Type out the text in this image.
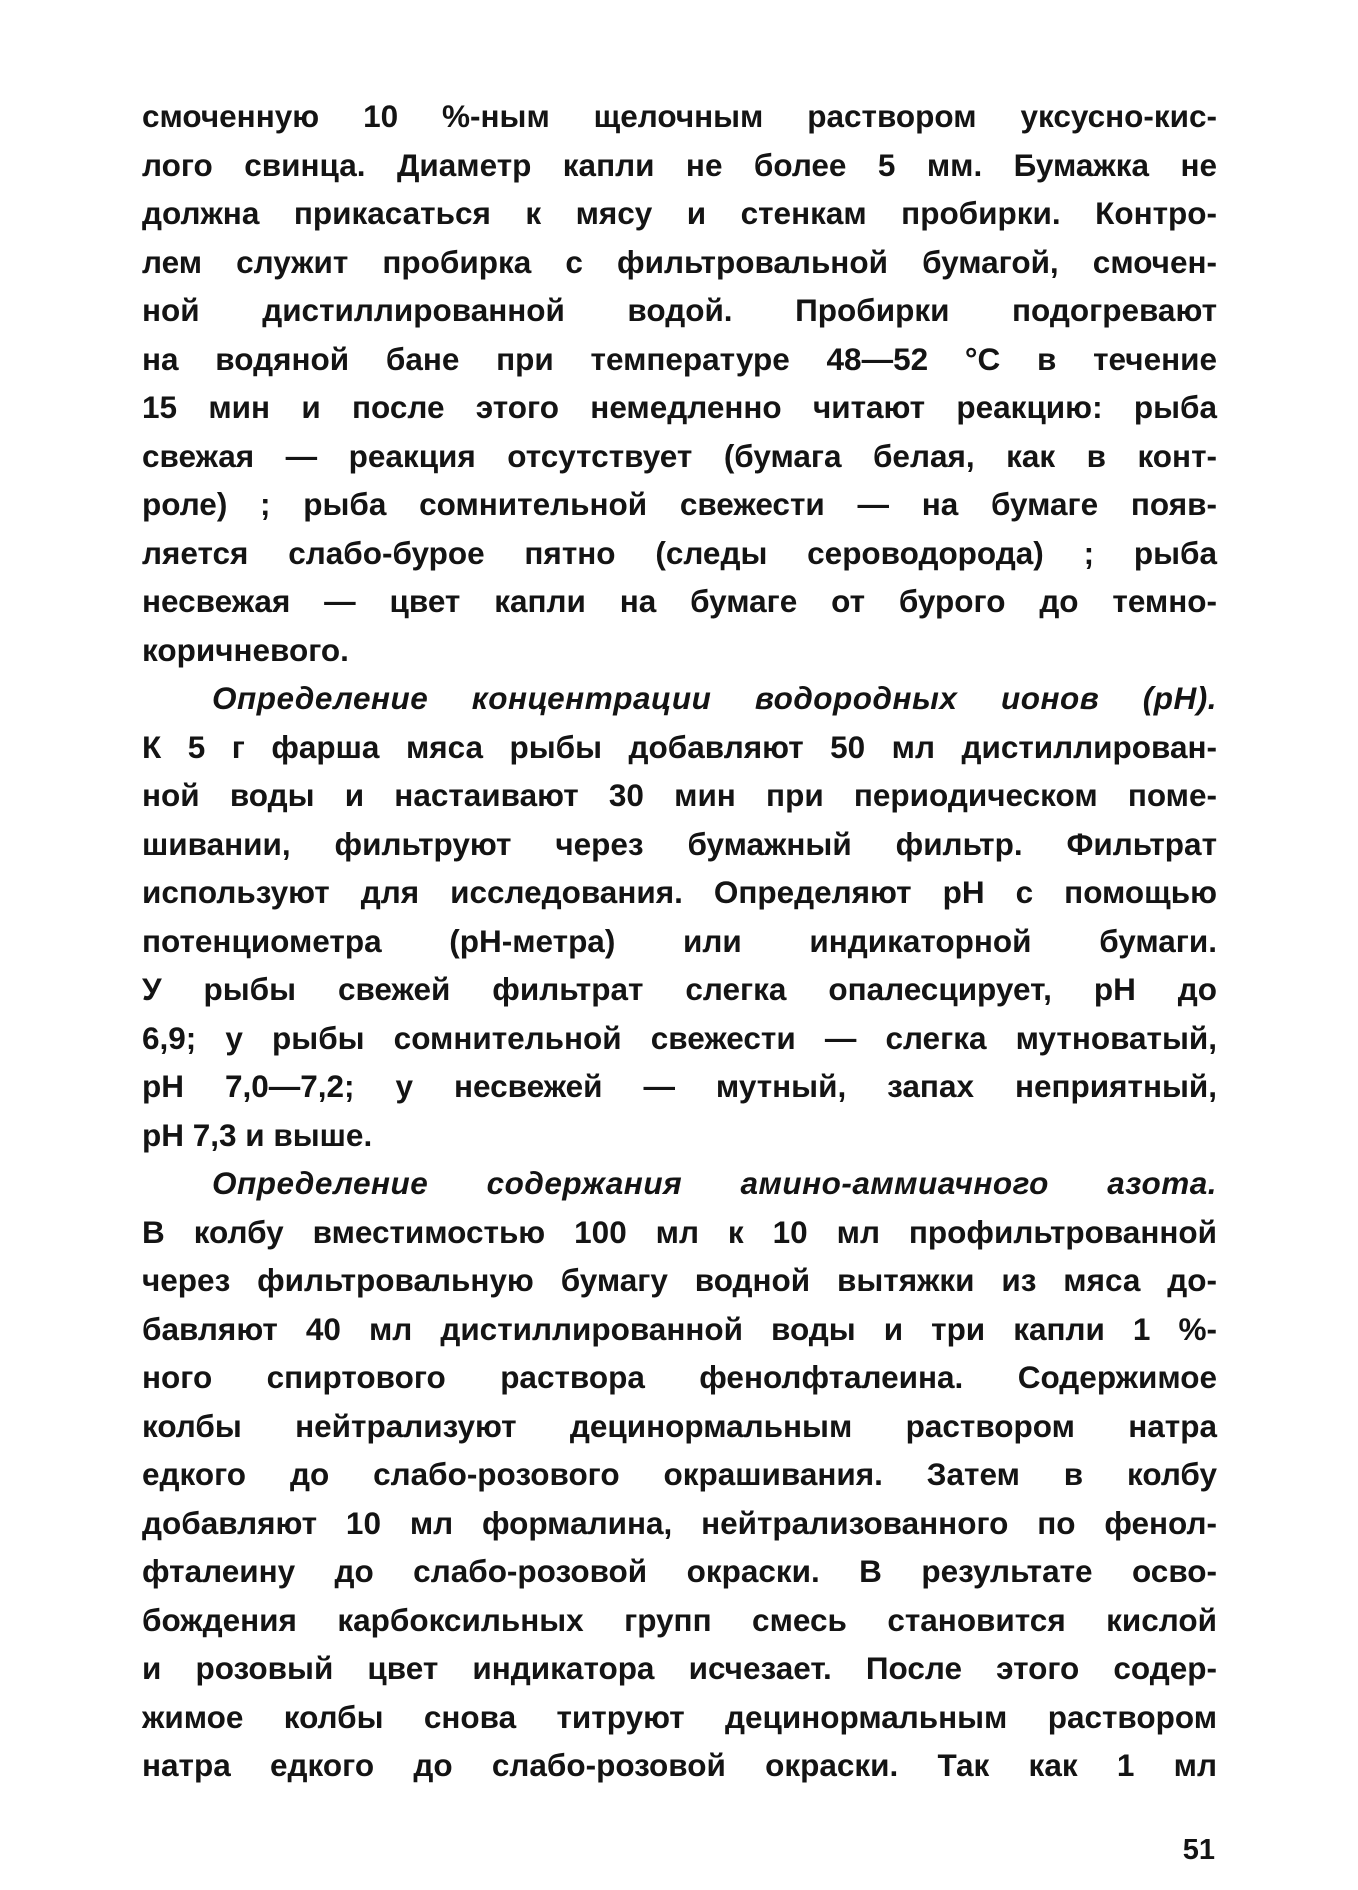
смоченную 10 %-ным щелочным раствором уксусно-кис-
лого свинца. Диаметр капли не более 5 мм. Бумажка не
должна прикасаться к мясу и стенкам пробирки. Контро-
лем служит пробирка с фильтровальной бумагой, смочен-
ной дистиллированной водой. Пробирки подогревают
на водяной бане при температуре 48—52 °С в течение
15 мин и после этого немедленно читают реакцию: рыба
свежая — реакция отсутствует (бумага белая, как в конт-
роле) ; рыба сомнительной свежести — на бумаге появ-
ляется слабо-бурое пятно (следы сероводорода) ; рыба
несвежая — цвет капли на бумаге от бурого до темно-
коричневого.
Определение концентрации водородных ионов (рН).
К 5 г фарша мяса рыбы добавляют 50 мл дистиллирован-
ной воды и настаивают 30 мин при периодическом поме-
шивании, фильтруют через бумажный фильтр. Фильтрат
используют для исследования. Определяют рН с помощью
потенциометра (рН-метра) или индикаторной бумаги.
У рыбы свежей фильтрат слегка опалесцирует, рН до
6,9; у рыбы сомнительной свежести — слегка мутноватый,
рН 7,0—7,2; у несвежей — мутный, запах неприятный,
рН 7,3 и выше.
Определение содержания амино-аммиачного азота.
В колбу вместимостью 100 мл к 10 мл профильтрованной
через фильтровальную бумагу водной вытяжки из мяса до-
бавляют 40 мл дистиллированной воды и три капли 1 %-
ного спиртового раствора фенолфталеина. Содержимое
колбы нейтрализуют децинормальным раствором натра
едкого до слабо-розового окрашивания. Затем в колбу
добавляют 10 мл формалина, нейтрализованного по фенол-
фталеину до слабо-розовой окраски. В результате осво-
бождения карбоксильных групп смесь становится кислой
и розовый цвет индикатора исчезает. После этого содер-
жимое колбы снова титруют децинормальным раствором
натра едкого до слабо-розовой окраски. Так как 1 мл
51
